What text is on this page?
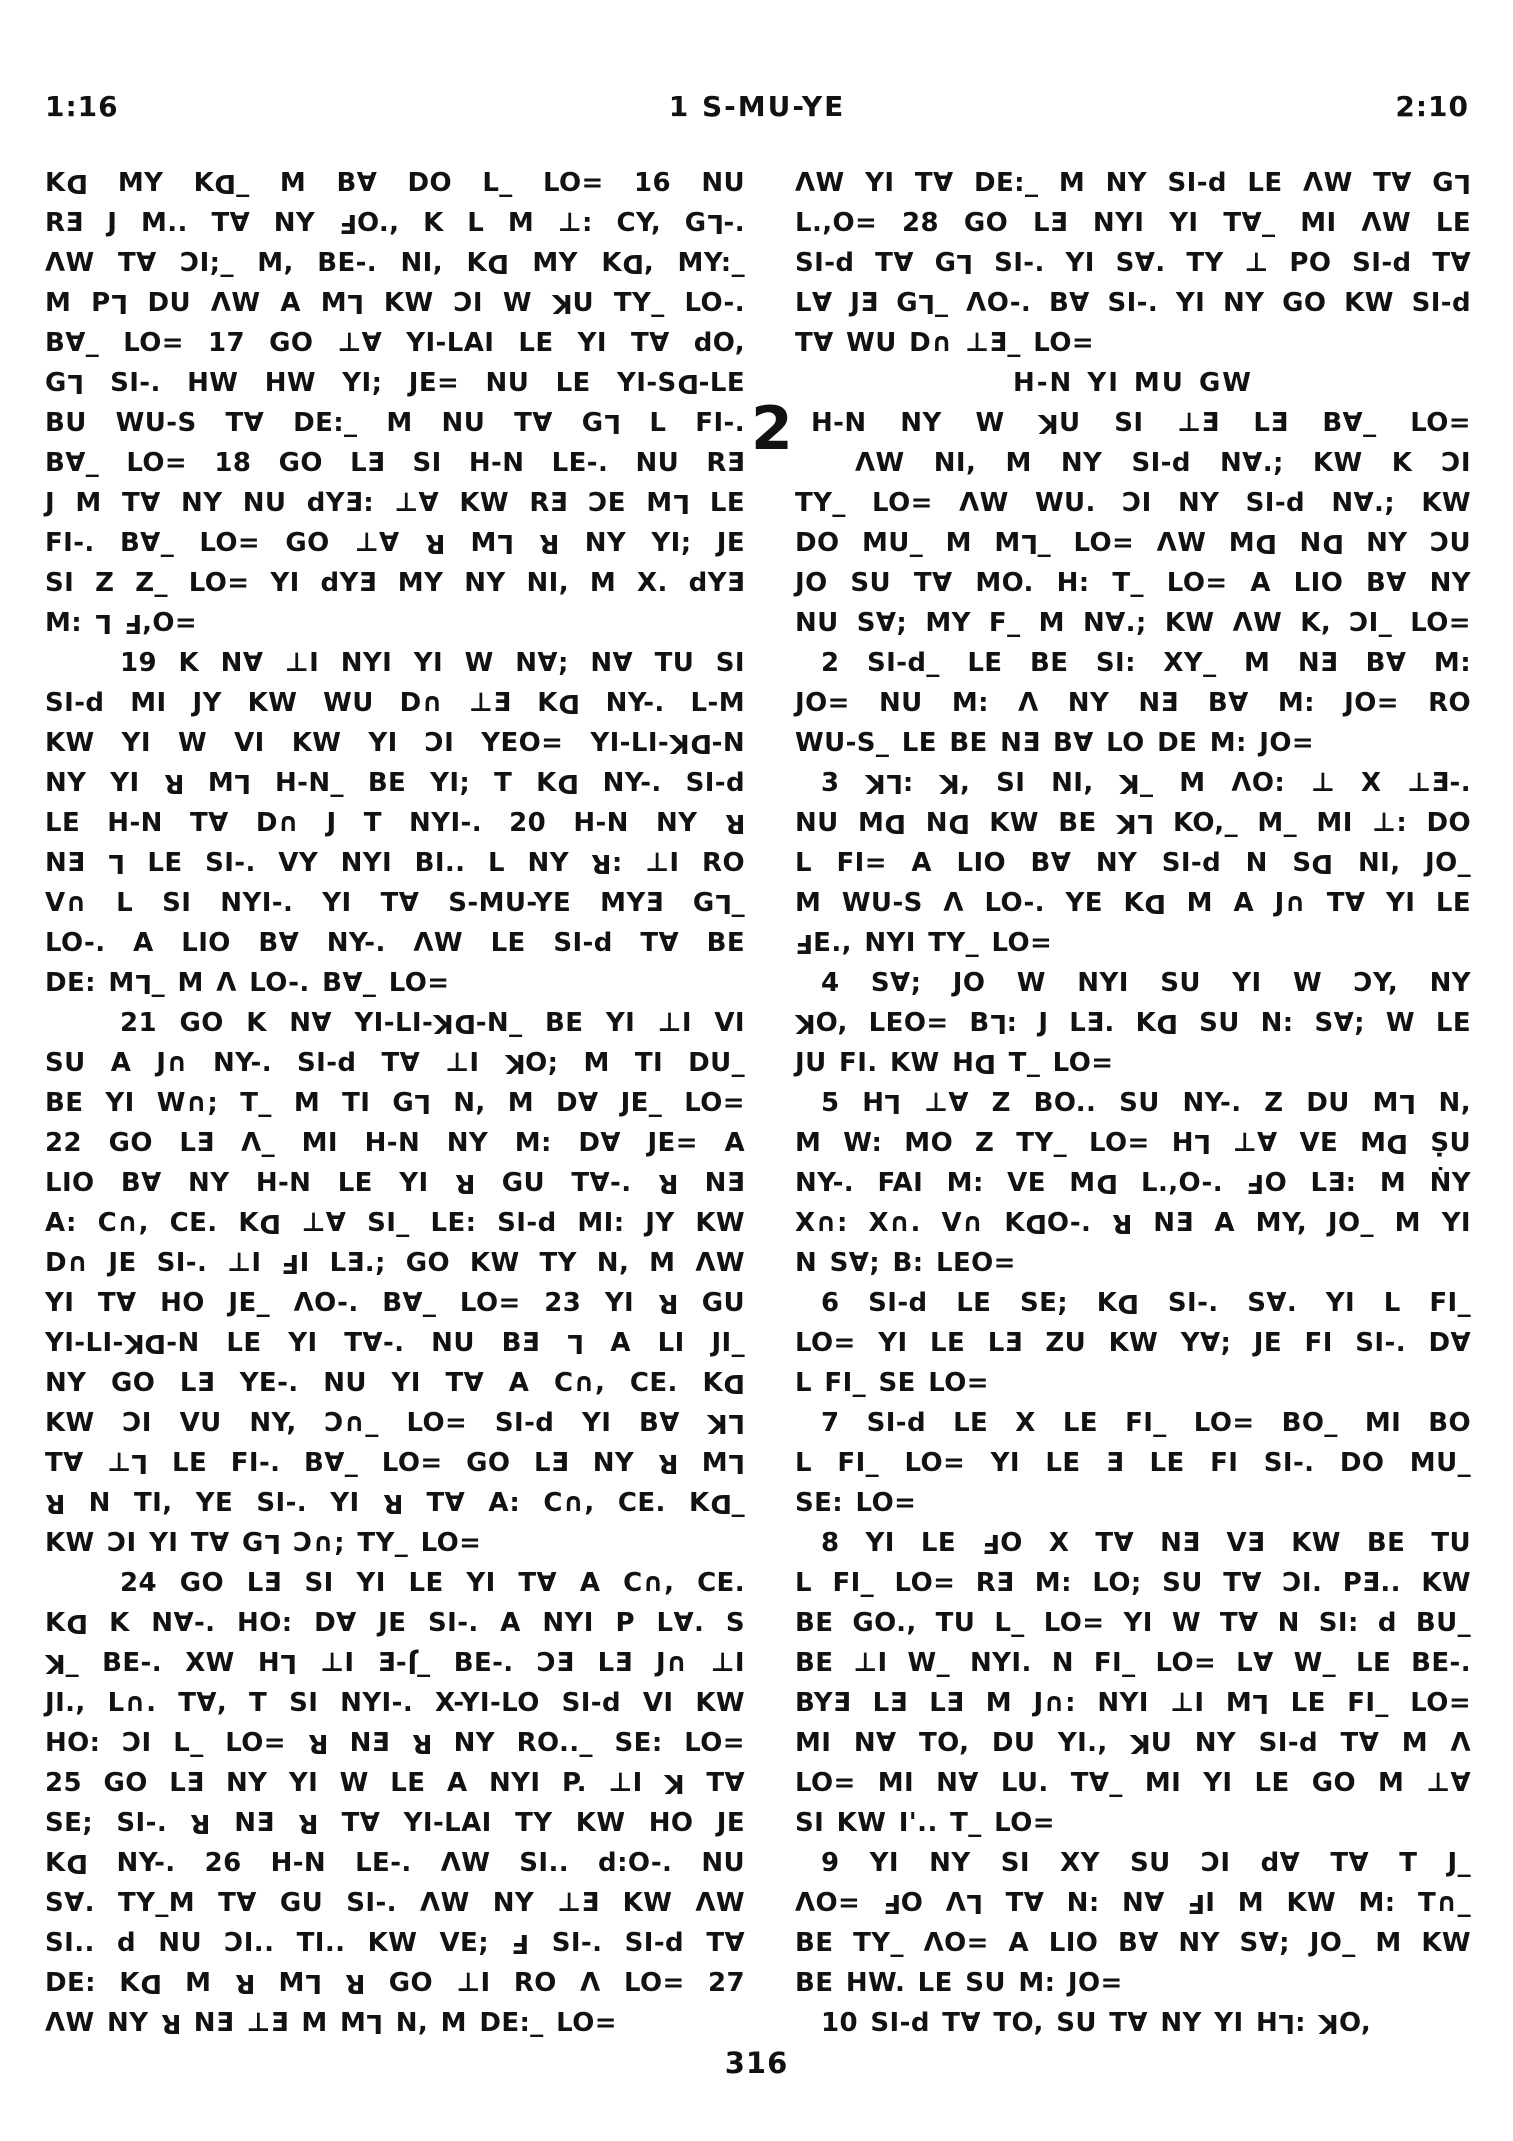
1:16	1 S-MU-YE	2:10
KD MY KD_ M B∀ DO L_ LO= 16 NU
RƎ J M.. T∀ NY FO., K L M ⊥: CY, GL-.
ΛW T∀ ƆI;_ M, BE-. NI, KD MY KD, MY:_
M PL DU ΛW A ML KW ƆI W KU TY_ LO-.
B∀_ LO= 17 GO ⊥∀ YI-LAI LE YI T∀ dO,
GL SI-. HW HW YI; JE= NU LE YI-SD-LE
BU WU-S T∀ DE:_ M NU T∀ GL L FI-.
B∀_ LO= 18 GO LƎ SI H-N LE-. NU RƎ
J M T∀ NY NU dYƎ: ⊥∀ KW RƎ ƆE ML LE
FI-. B∀_ LO= GO ⊥∀ R ML R NY YI; JE
SI Z Z_ LO= YI dYƎ MY NY NI, M X. dYƎ
M: L F,O=
19 K N∀ ⊥I NYI YI W N∀; N∀ TU SI
SI-d MI JY KW WU D∩ ⊥Ǝ KD NY-. L-M
KW YI W VI KW YI ƆI YEO= YI-LI-KD-N
NY YI R ML H-N_ BE YI; T KD NY-. SI-d
LE H-N T∀ D∩ J T NYI-. 20 H-N NY R
NƎ L LE SI-. VY NYI BI.. L NY R: ⊥I RO
V∩ L SI NYI-. YI T∀ S-MU-YE MYƎ GL_
LO-. A LIO B∀ NY-. ΛW LE SI-d T∀ BE
DE: ML_ M Λ LO-. B∀_ LO=
21 GO K N∀ YI-LI-KD-N_ BE YI ⊥I VI
SU A J∩ NY-. SI-d T∀ ⊥I KO; M TI DU_
BE YI W∩; T_ M TI GL N, M D∀ JE_ LO=
22 GO LƎ Λ_ MI H-N NY M: D∀ JE= A
LIO B∀ NY H-N LE YI R GU T∀-. R NƎ
A: C∩, CE. KD ⊥∀ SI_ LE: SI-d MI: JY KW
D∩ JE SI-. ⊥I FI LƎ.; GO KW TY N, M ΛW
YI T∀ HO JE_ ΛO-. B∀_ LO= 23 YI R GU
YI-LI-KD-N LE YI T∀-. NU BƎ L A LI JI_
NY GO LƎ YE-. NU YI T∀ A C∩, CE. KD
KW ƆI VU NY, Ɔ∩_ LO= SI-d YI B∀ KL
T∀ ⊥L LE FI-. B∀_ LO= GO LƎ NY R ML
R N TI, YE SI-. YI R T∀ A: C∩, CE. KD_
KW ƆI YI T∀ GL Ɔ∩; TY_ LO=
24 GO LƎ SI YI LE YI T∀ A C∩, CE.
KD K N∀-. HO: D∀ JE SI-. A NYI P L∀. S
K_ BE-. XW HL ⊥I Ǝ-J_ BE-. ƆƎ LƎ J∩ ⊥I
JI., L∩. T∀, T SI NYI-. X-YI-LO SI-d VI KW
HO: ƆI L_ LO= R NƎ R NY RO.._ SE: LO=
25 GO LƎ NY YI W LE A NYI P. ⊥I K T∀
SE; SI-. R NƎ R T∀ YI-LAI TY KW HO JE
KD NY-. 26 H-N LE-. ΛW SI.. d:O-. NU
S∀. TY_M T∀ GU SI-. ΛW NY ⊥Ǝ KW ΛW
SI.. d NU ƆI.. TI.. KW VE; F SI-. SI-d T∀
DE: KD M R ML R GO ⊥I RO Λ LO= 27
ΛW NY R NƎ ⊥Ǝ M ML N, M DE:_ LO=
2
ΛW YI T∀ DE:_ M NY SI-d LE ΛW T∀ GL
L.,O= 28 GO LƎ NYI YI T∀_ MI ΛW LE
SI-d T∀ GL SI-. YI S∀. TY ⊥ PO SI-d T∀
L∀ JƎ GL_ ΛO-. B∀ SI-. YI NY GO KW SI-d
T∀ WU D∩ ⊥Ǝ_ LO=
H-N YI MU GW
H-N NY W KU SI ⊥Ǝ LƎ B∀_ LO=
ΛW NI, M NY SI-d N∀.; KW K ƆI
TY_ LO= ΛW WU. ƆI NY SI-d N∀.; KW
DO MU_ M ML_ LO= ΛW MD ND NY ƆU
JO SU T∀ MO. H: T_ LO= A LIO B∀ NY
NU S∀; MY F_ M N∀.; KW ΛW K, ƆI_ LO=
2 SI-d_ LE BE SI: XY_ M NƎ B∀ M:
JO= NU M: Λ NY NƎ B∀ M: JO= RO
WU-S_ LE BE NƎ B∀ LO DE M: JO=
3 KL: K, SI NI, K_ M ΛO: ⊥ X ⊥Ǝ-.
NU MD ND KW BE KL KO,_ M_ MI ⊥: DO
L FI= A LIO B∀ NY SI-d N SD NI, JO_
M WU-S Λ LO-. YE KD M A J∩ T∀ YI LE
FE., NYI TY_ LO=
4 S∀; JO W NYI SU YI W ƆY, NY
KO, LEO= BL: J LƎ. KD SU N: S∀; W LE
JU FI. KW HD T_ LO=
5 HL ⊥∀ Z BO.. SU NY-. Z DU ML N,
M W: MO Z TY_ LO= HL ⊥∀ VE MD ṢU
NY-. FAI M: VE MD L.,O-. FO LƎ: M ṄY
X∩: X∩. V∩ KDO-. R NƎ A MY, JO_ M YI
N S∀; B: LEO=
6 SI-d LE SE; KD SI-. S∀. YI L FI_
LO= YI LE LƎ ZU KW Y∀; JE FI SI-. D∀
L FI_ SE LO=
7 SI-d LE X LE FI_ LO= BO_ MI BO
L FI_ LO= YI LE Ǝ LE FI SI-. DO MU_
SE: LO=
8 YI LE FO X T∀ NƎ VƎ KW BE TU
L FI_ LO= RƎ M: LO; SU T∀ ƆI. PƎ.. KW
BE GO., TU L_ LO= YI W T∀ N SI: d BU_
BE ⊥I W_ NYI. N FI_ LO= L∀ W_ LE BE-.
BYƎ LƎ LƎ M J∩: NYI ⊥I ML LE FI_ LO=
MI N∀ TO, DU YI., KU NY SI-d T∀ M Λ
LO= MI N∀ LU. T∀_ MI YI LE GO M ⊥∀
SI KW I'.. T_ LO=
9 YI NY SI XY SU ƆI d∀ T∀ T J_
ΛO= FO ΛL T∀ N: N∀ FI M KW M: T∩_
BE TY_ ΛO= A LIO B∀ NY S∀; JO_ M KW
BE HW. LE SU M: JO=
10 SI-d T∀ TO, SU T∀ NY YI HL: KO,
316
